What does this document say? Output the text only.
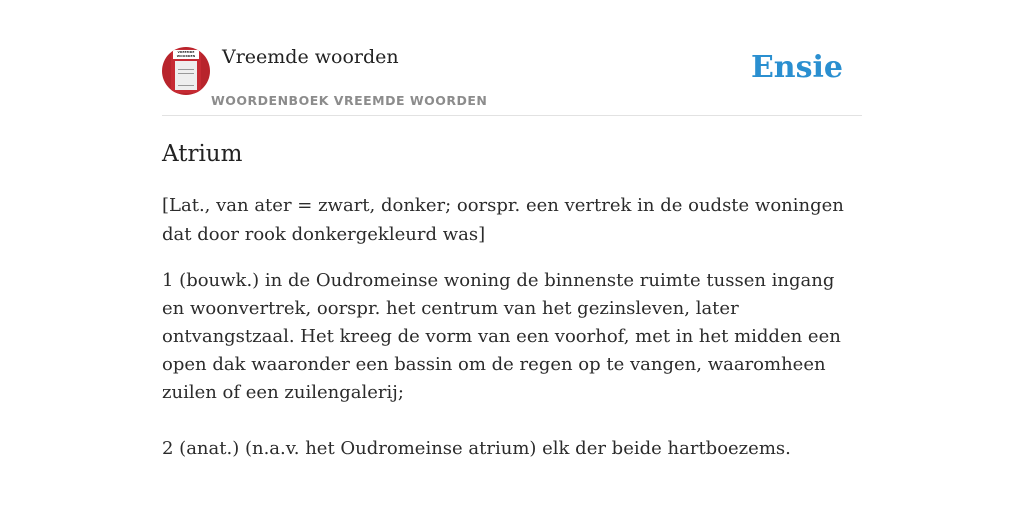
VREEMDE WOORDEN Vreemde woorden
WOORDENBOEK VREEMDE WOORDEN
Ensie
Atrium

[Lat., van ater = zwart, donker; oorspr. een vertrek in de oudste woningen dat door rook donkergekleurd was]

1 (bouwk.) in de Oudromeinse woning de binnenste ruimte tussen ingang en woonvertrek, oorspr. het centrum van het gezinsleven, later ontvangstzaal. Het kreeg de vorm van een voorhof, met in het midden een open dak waaronder een bassin om de regen op te vangen, waaromheen zuilen of een zuilengalerij;

2 (anat.) (n.a.v. het Oudromeinse atrium) elk der beide hartboezems.
